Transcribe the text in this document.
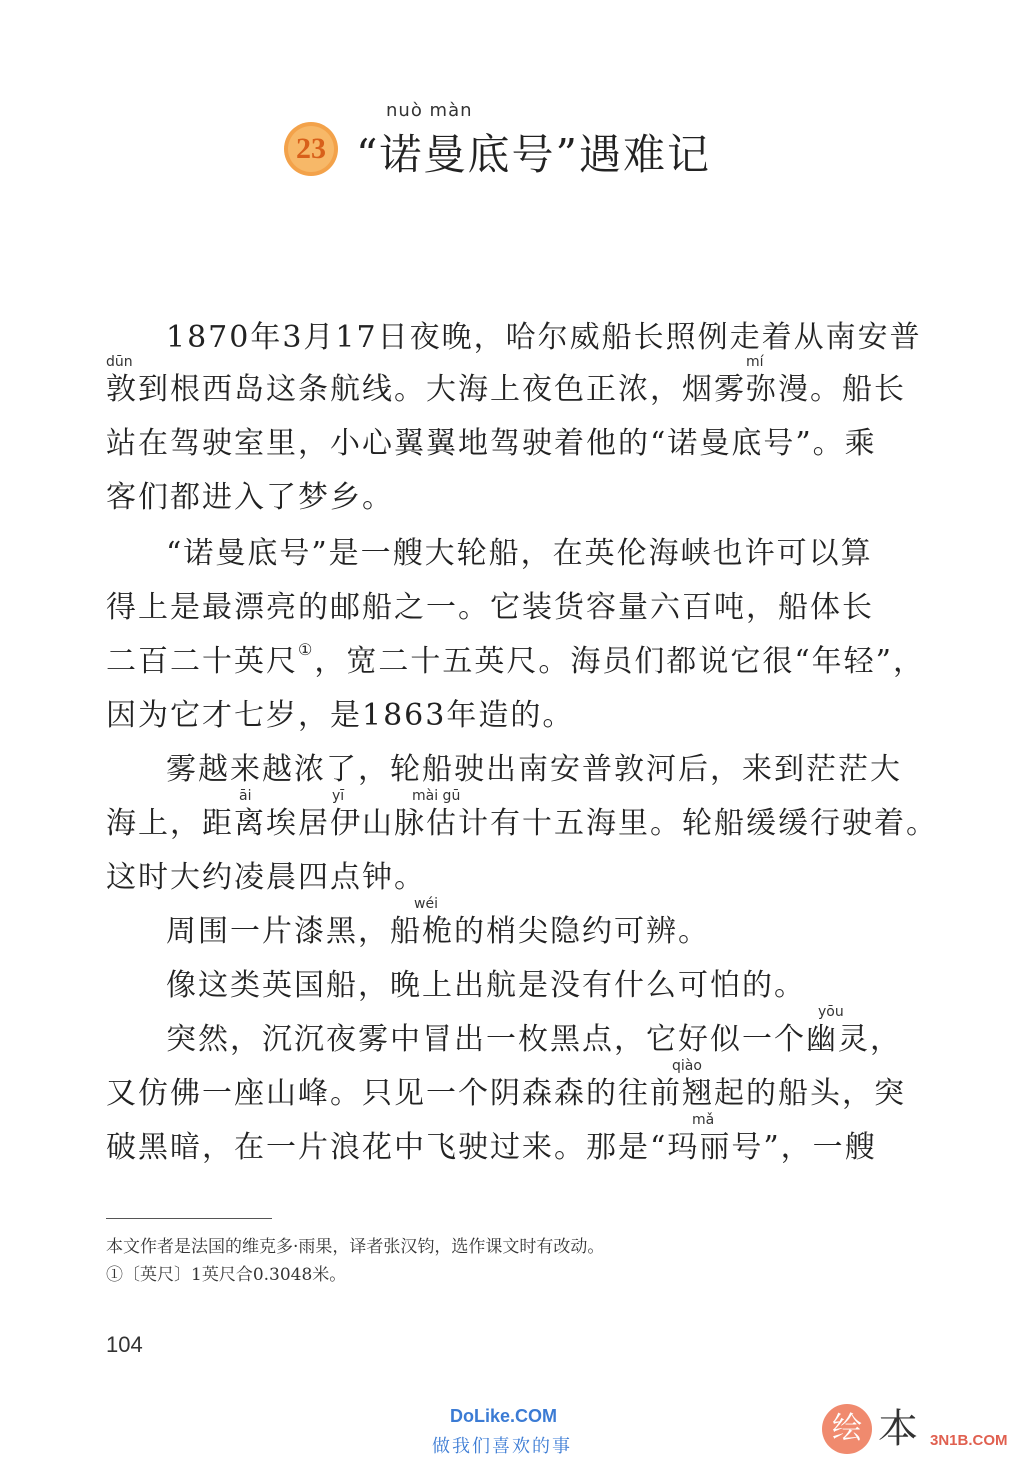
23
nuò màn
“诺曼底号”遇难记
1870年3月17日夜晚，哈尔威船长照例走着从南安普
dūn	mí
敦到根西岛这条航线。大海上夜色正浓，烟雾弥漫。船长
站在驾驶室里，小心翼翼地驾驶着他的“诺曼底号”。乘
客们都进入了梦乡。
“诺曼底号”是一艘大轮船，在英伦海峡也许可以算
得上是最漂亮的邮船之一。它装货容量六百吨，船体长
二百二十英尺①，宽二十五英尺。海员们都说它很“年轻”，
因为它才七岁，是1863年造的。
雾越来越浓了，轮船驶出南安普敦河后，来到茫茫大
āi	yī	mài gū
海上，距离埃居伊山脉估计有十五海里。轮船缓缓行驶着。
这时大约凌晨四点钟。
wéi
周围一片漆黑，船桅的梢尖隐约可辨。
像这类英国船，晚上出航是没有什么可怕的。
yōu
突然，沉沉夜雾中冒出一枚黑点，它好似一个幽灵，
qiào
又仿佛一座山峰。只见一个阴森森的往前翘起的船头，突
mǎ
破黑暗，在一片浪花中飞驶过来。那是“玛丽号”，一艘
本文作者是法国的维克多·雨果，译者张汉钧，选作课文时有改动。
①〔英尺〕1英尺合0.3048米。
104
DoLike.COM
做我们喜欢的事
绘 本 3N1B.COM
